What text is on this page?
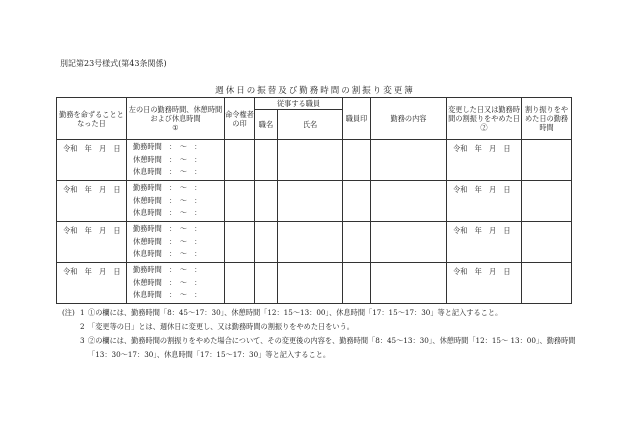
別記第23号様式(第43条関係)
週休日の振替及び勤務時間の割振り変更簿
勤務を命ずることとなった日	左の日の勤務時間、休憩時間および休息時間
①	命令権者の印	従事する職員		職員印	勤務の内容	変更した日又は勤務時間の割振りをやめた日 ②	割り振りをやめた日の勤務時間
			職名	氏名				
令和　年　月　日	勤務時間　：　〜　：
休憩時間　：　〜　：
休息時間　：　〜　：						令和　年　月　日	
令和　年　月　日	勤務時間　：　〜　：
休憩時間　：　〜　：
休息時間　：　〜　：						令和　年　月　日	
令和　年　月　日	勤務時間　：　〜　：
休憩時間　：　〜　：
休息時間　：　〜　：						令和　年　月　日	
令和　年　月　日	勤務時間　：　〜　：
休憩時間　：　〜　：
休息時間　：　〜　：						令和　年　月　日	
(注) 1 ①の欄には、勤務時間「8：45〜17：30」、休憩時間「12：15〜13：00」、休息時間「17：15〜17：30」等と記入すること。
2 「変更等の日」とは、週休日に変更し、又は勤務時間の割振りをやめた日をいう。
3 ②の欄には、勤務時間の割振りをやめた場合について、その変更後の内容を、勤務時間「8：45〜13：30」、休憩時間「12：15〜 13：00」、勤務時間「13：30〜17：30」、休息時間「17：15〜17：30」等と記入すること。
